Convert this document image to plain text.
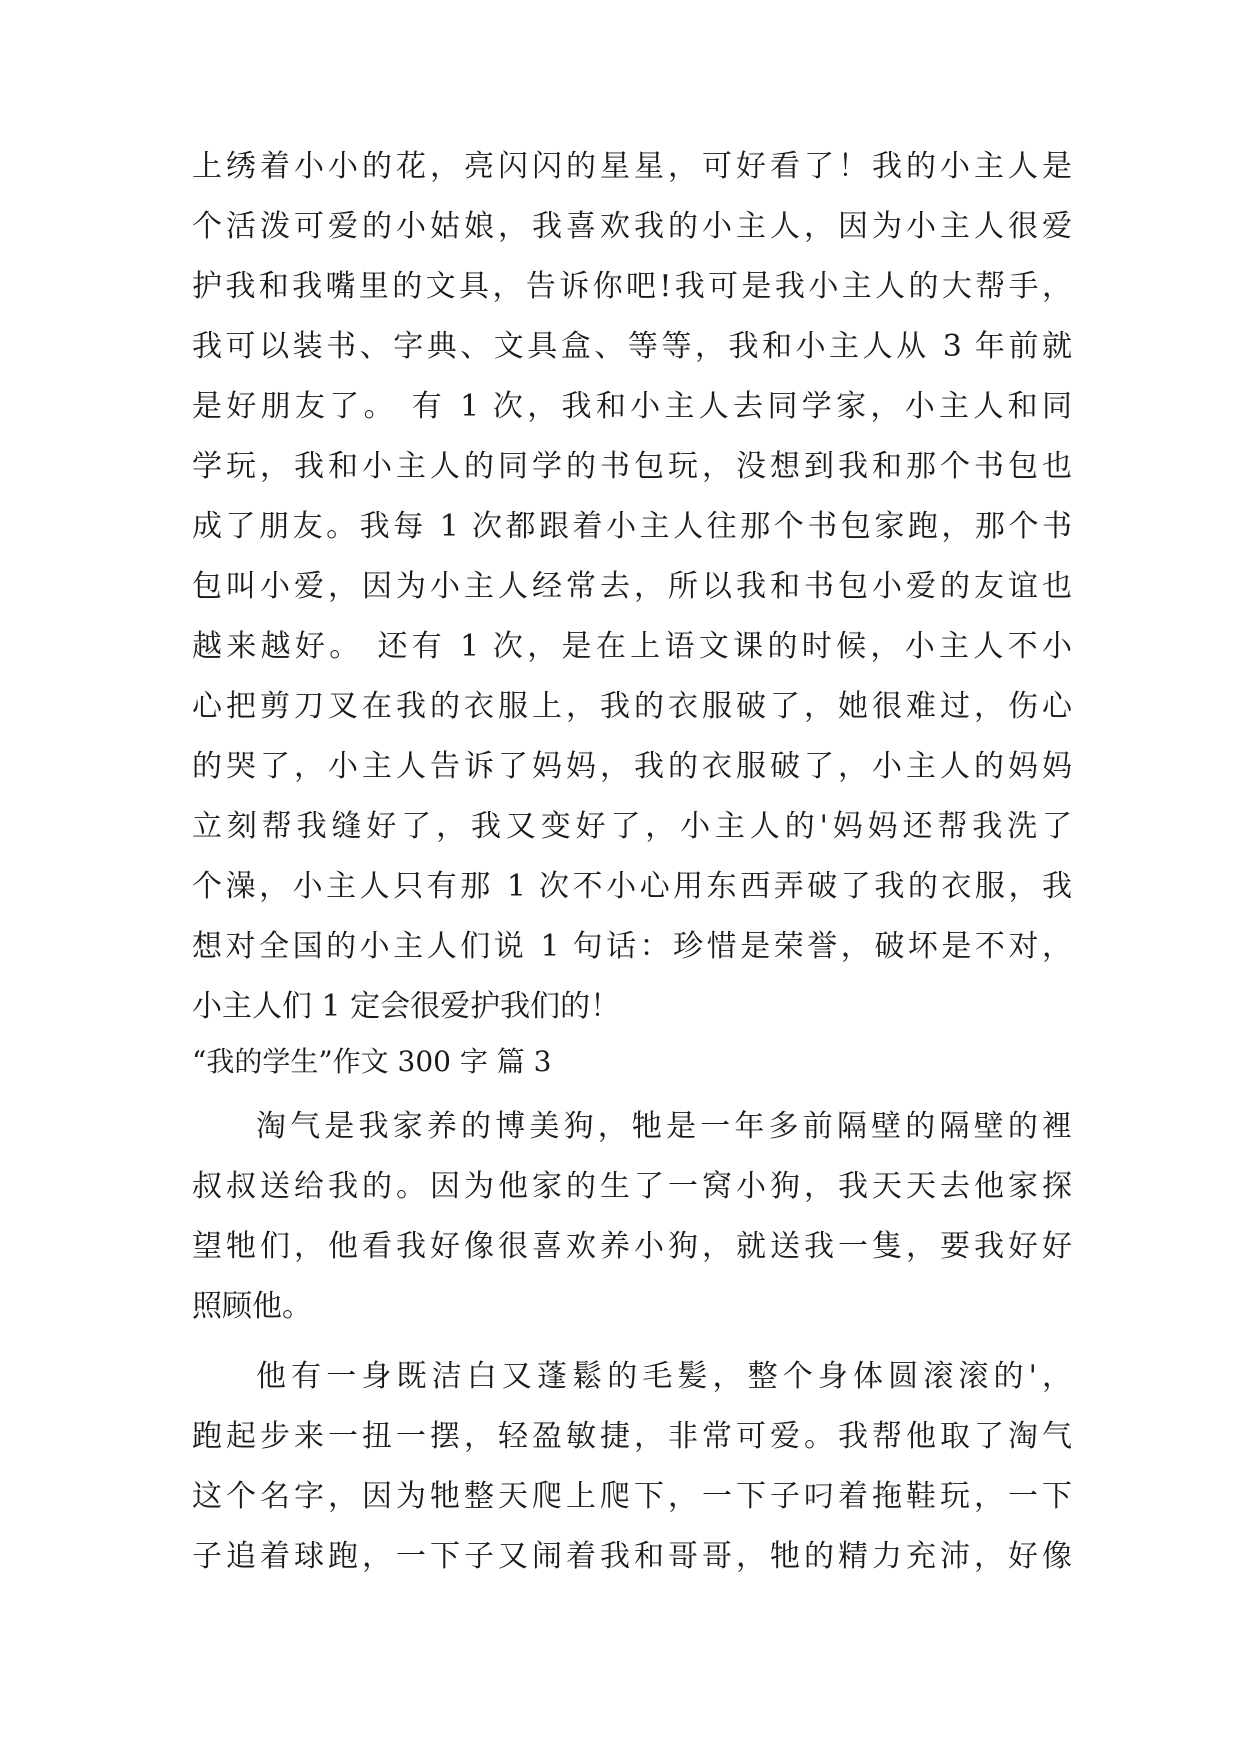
上绣着小小的花，亮闪闪的星星，可好看了！我的小主人是
个活泼可爱的小姑娘，我喜欢我的小主人，因为小主人很爱
护我和我嘴里的文具，告诉你吧!我可是我小主人的大帮手，
我可以装书、字典、文具盒、等等，我和小主人从 3 年前就
是好朋友了。 有 1 次，我和小主人去同学家，小主人和同
学玩，我和小主人的同学的书包玩，没想到我和那个书包也
成了朋友。我每 1 次都跟着小主人往那个书包家跑，那个书
包叫小爱，因为小主人经常去，所以我和书包小爱的友谊也
越来越好。 还有 1 次，是在上语文课的时候，小主人不小
心把剪刀叉在我的衣服上，我的衣服破了，她很难过，伤心
的哭了，小主人告诉了妈妈，我的衣服破了，小主人的妈妈
立刻帮我缝好了，我又变好了，小主人的'妈妈还帮我洗了
个澡，小主人只有那 1 次不小心用东西弄破了我的衣服，我
想对全国的小主人们说 1 句话：珍惜是荣誉，破坏是不对，
小主人们 1 定会很爱护我们的！
“我的学生”作文 300 字 篇 3
淘气是我家养的博美狗，牠是一年多前隔壁的隔壁的裡
叔叔送给我的。因为他家的生了一窝小狗，我天天去他家探
望牠们，他看我好像很喜欢养小狗，就送我一隻，要我好好
照顾他。
他有一身既洁白又蓬鬆的毛髪，整个身体圆滚滚的'，
跑起步来一扭一摆，轻盈敏捷，非常可爱。我帮他取了淘气
这个名字，因为牠整天爬上爬下，一下子叼着拖鞋玩，一下
子追着球跑，一下子又闹着我和哥哥，牠的精力充沛，好像
